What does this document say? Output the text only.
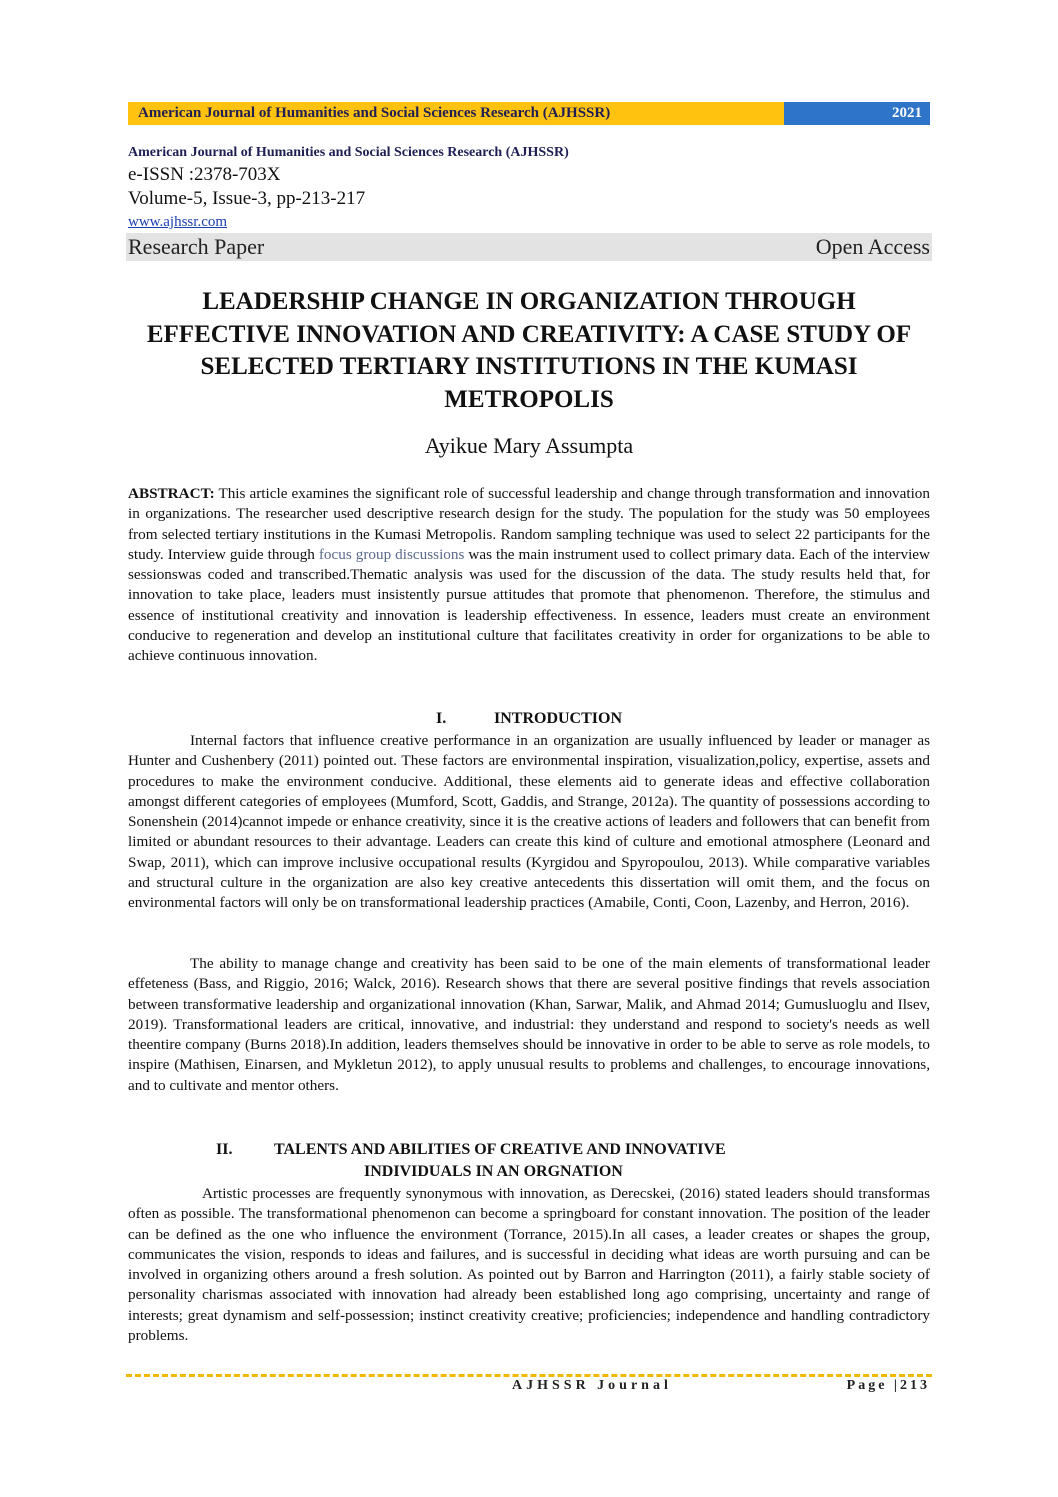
American Journal of Humanities and Social Sciences Research (AJHSSR)	2021
American Journal of Humanities and Social Sciences Research (AJHSSR)
e-ISSN :2378-703X
Volume-5, Issue-3, pp-213-217
www.ajhssr.com
Research Paper	Open Access
LEADERSHIP CHANGE IN ORGANIZATION THROUGH EFFECTIVE INNOVATION AND CREATIVITY: A CASE STUDY OF SELECTED TERTIARY INSTITUTIONS IN THE KUMASI METROPOLIS
Ayikue Mary Assumpta

ABSTRACT: This article examines the significant role of successful leadership and change through transformation and innovation in organizations. The researcher used descriptive research design for the study. The population for the study was 50 employees from selected tertiary institutions in the Kumasi Metropolis. Random sampling technique was used to select 22 participants for the study. Interview guide through focus group discussions was the main instrument used to collect primary data. Each of the interview sessionswas coded and transcribed.Thematic analysis was used for the discussion of the data. The study results held that, for innovation to take place, leaders must insistently pursue attitudes that promote that phenomenon. Therefore, the stimulus and essence of institutional creativity and innovation is leadership effectiveness. In essence, leaders must create an environment conducive to regeneration and develop an institutional culture that facilitates creativity in order for organizations to be able to achieve continuous innovation.

I.	INTRODUCTION

Internal factors that influence creative performance in an organization are usually influenced by leader or manager as Hunter and Cushenbery (2011) pointed out. These factors are environmental inspiration, visualization,policy, expertise, assets and procedures to make the environment conducive. Additional, these elements aid to generate ideas and effective collaboration amongst different categories of employees (Mumford, Scott, Gaddis, and Strange, 2012a). The quantity of possessions according to Sonenshein (2014)cannot impede or enhance creativity, since it is the creative actions of leaders and followers that can benefit from limited or abundant resources to their advantage. Leaders can create this kind of culture and emotional atmosphere (Leonard and Swap, 2011), which can improve inclusive occupational results (Kyrgidou and Spyropoulou, 2013). While comparative variables and structural culture in the organization are also key creative antecedents this dissertation will omit them, and the focus on environmental factors will only be on transformational leadership practices (Amabile, Conti, Coon, Lazenby, and Herron, 2016).

The ability to manage change and creativity has been said to be one of the main elements of transformational leader effeteness (Bass, and Riggio, 2016; Walck, 2016). Research shows that there are several positive findings that revels association between transformative leadership and organizational innovation (Khan, Sarwar, Malik, and Ahmad 2014; Gumusluoglu and Ilsev, 2019). Transformational leaders are critical, innovative, and industrial: they understand and respond to society's needs as well theentire company (Burns 2018).In addition, leaders themselves should be innovative in order to be able to serve as role models, to inspire (Mathisen, Einarsen, and Mykletun 2012), to apply unusual results to problems and challenges, to encourage innovations, and to cultivate and mentor others.

II.	TALENTS AND ABILITIES OF CREATIVE AND INNOVATIVE
INDIVIDUALS IN AN ORGNATION

Artistic processes are frequently synonymous with innovation, as Derecskei, (2016) stated leaders should transformas often as possible. The transformational phenomenon can become a springboard for constant innovation. The position of the leader can be defined as the one who influence the environment (Torrance, 2015).In all cases, a leader creates or shapes the group, communicates the vision, responds to ideas and failures, and is successful in deciding what ideas are worth pursuing and can be involved in organizing others around a fresh solution. As pointed out by Barron and Harrington (2011), a fairly stable society of personality charismas associated with innovation had already been established long ago comprising, uncertainty and range of interests; great dynamism and self-possession; instinct creativity creative; proficiencies; independence and handling contradictory problems.

AJHSSR Journal	Page |213
